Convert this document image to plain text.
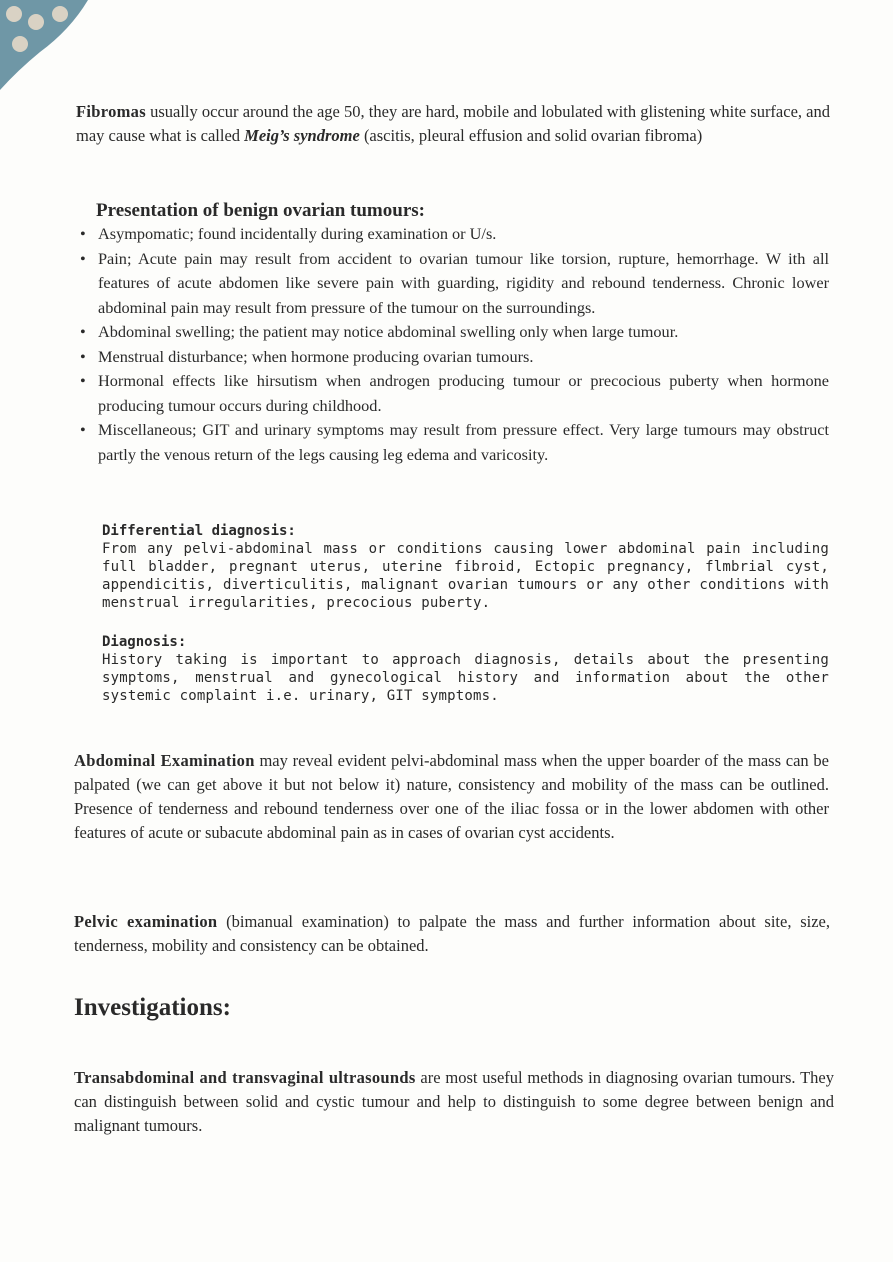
Fibromas usually occur around the age 50, they are hard, mobile and lobulated with glistening white surface, and may cause what is called Meig’s syndrome (ascitis, pleural effusion and solid ovarian fibroma)
Presentation of benign ovarian tumours:
• Asympomatic; found incidentally during examination or U/s.
• Pain; Acute pain may result from accident to ovarian tumour like torsion, rupture, hemorrhage. W ith all features of acute abdomen like severe pain with guarding, rigidity and rebound tenderness. Chronic lower abdominal pain may result from pressure of the tumour on the surroundings.
• Abdominal swelling; the patient may notice abdominal swelling only when large tumour.
• Menstrual disturbance; when hormone producing ovarian tumours.
• Hormonal effects like hirsutism when androgen producing tumour or precocious puberty when hormone producing tumour occurs during childhood.
• Miscellaneous; GIT and urinary symptoms may result from pressure effect. Very large tumours may obstruct partly the venous return of the legs causing leg edema and varicosity.
Differential diagnosis:

From any pelvi-abdominal mass or conditions causing lower abdominal pain including full bladder, pregnant uterus, uterine fibroid, Ectopic pregnancy, flmbrial cyst, appendicitis, diverticulitis, malignant ovarian tumours or any other conditions with menstrual irregularities, precocious puberty.

Diagnosis:

History taking is important to approach diagnosis, details about the presenting symptoms, menstrual and gynecological history and information about the other systemic complaint i.e. urinary, GIT symptoms.

Abdominal Examination may reveal evident pelvi-abdominal mass when the upper boarder of the mass can be palpated (we can get above it but not below it) nature, consistency and mobility of the mass can be outlined. Presence of tenderness and rebound tenderness over one of the iliac fossa or in the lower abdomen with other features of acute or subacute abdominal pain as in cases of ovarian cyst accidents.
Pelvic examination (bimanual examination) to palpate the mass and further information about site, size, tenderness, mobility and consistency can be obtained.
Investigations:
Transabdominal and transvaginal ultrasounds are most useful methods in diagnosing ovarian tumours. They can distinguish between solid and cystic tumour and help to distinguish to some degree between benign and malignant tumours.
